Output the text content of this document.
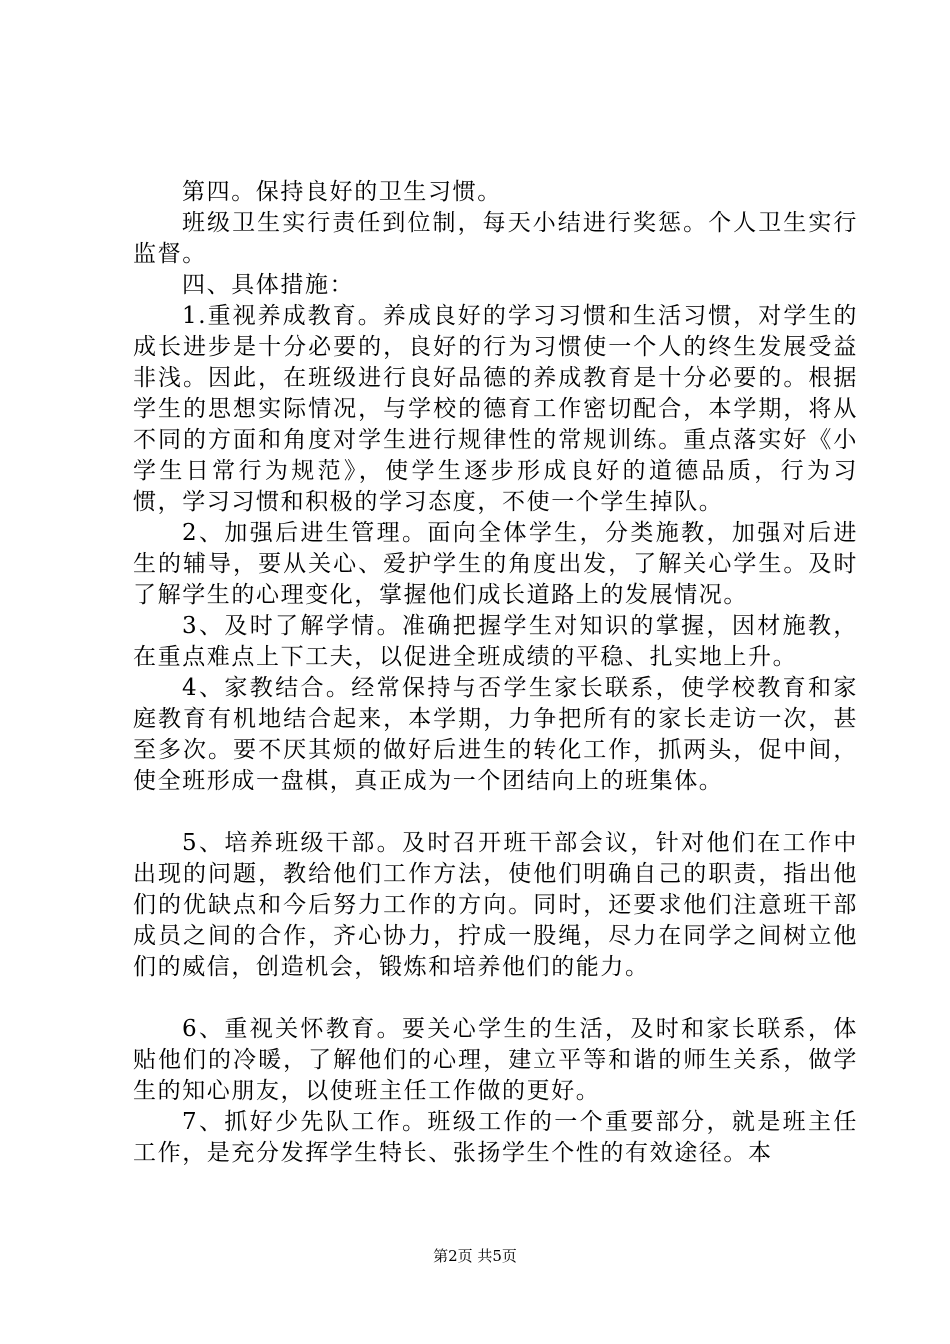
第四。保持良好的卫生习惯。

班级卫生实行责任到位制，每天小结进行奖惩。个人卫生实行监督。

四、具体措施：

1.重视养成教育。养成良好的学习习惯和生活习惯，对学生的成长进步是十分必要的，良好的行为习惯使一个人的终生发展受益非浅。因此，在班级进行良好品德的养成教育是十分必要的。根据学生的思想实际情况，与学校的德育工作密切配合，本学期，将从不同的方面和角度对学生进行规律性的常规训练。重点落实好《小学生日常行为规范》，使学生逐步形成良好的道德品质，行为习惯，学习习惯和积极的学习态度，不使一个学生掉队。

2、加强后进生管理。面向全体学生，分类施教，加强对后进生的辅导，要从关心、爱护学生的角度出发，了解关心学生。及时了解学生的心理变化，掌握他们成长道路上的发展情况。

3、及时了解学情。准确把握学生对知识的掌握，因材施教，在重点难点上下工夫，以促进全班成绩的平稳、扎实地上升。

4、家教结合。经常保持与否学生家长联系，使学校教育和家庭教育有机地结合起来，本学期，力争把所有的家长走访一次，甚至多次。要不厌其烦的做好后进生的转化工作，抓两头，促中间，使全班形成一盘棋，真正成为一个团结向上的班集体。

5、培养班级干部。及时召开班干部会议，针对他们在工作中出现的问题，教给他们工作方法，使他们明确自己的职责，指出他们的优缺点和今后努力工作的方向。同时，还要求他们注意班干部成员之间的合作，齐心协力，拧成一股绳，尽力在同学之间树立他们的威信，创造机会，锻炼和培养他们的能力。

6、重视关怀教育。要关心学生的生活，及时和家长联系，体贴他们的冷暖，了解他们的心理，建立平等和谐的师生关系，做学生的知心朋友，以使班主任工作做的更好。

7、抓好少先队工作。班级工作的一个重要部分，就是班主任工作，是充分发挥学生特长、张扬学生个性的有效途径。本

第2页 共5页
